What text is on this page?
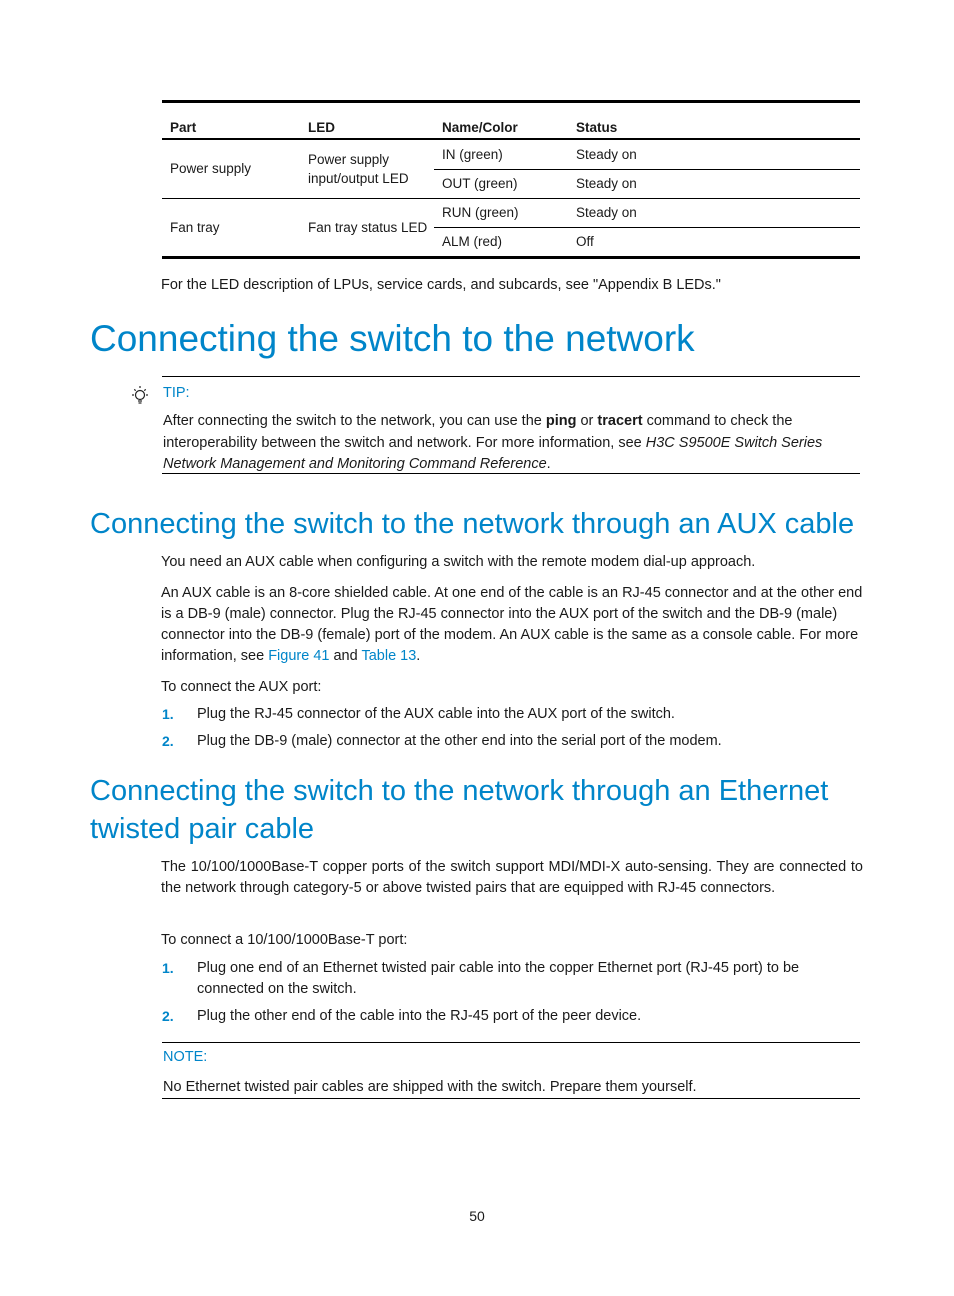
Part	LED	Name/Color	Status
Power supply	Power supply input/output LED	IN (green)	Steady on
		OUT (green)	Steady on
Fan tray	Fan tray status LED	RUN (green)	Steady on
		ALM (red)	Off
For the LED description of LPUs, service cards, and subcards, see "Appendix B LEDs."
Connecting the switch to the network
TIP:
After connecting the switch to the network, you can use the ping or tracert command to check the interoperability between the switch and network. For more information, see H3C S9500E Switch Series Network Management and Monitoring Command Reference.
Connecting the switch to the network through an AUX cable
You need an AUX cable when configuring a switch with the remote modem dial-up approach.
An AUX cable is an 8-core shielded cable. At one end of the cable is an RJ-45 connector and at the other end is a DB-9 (male) connector. Plug the RJ-45 connector into the AUX port of the switch and the DB-9 (male) connector into the DB-9 (female) port of the modem. An AUX cable is the same as a console cable. For more information, see Figure 41 and Table 13.
To connect the AUX port:
1. Plug the RJ-45 connector of the AUX cable into the AUX port of the switch.
2. Plug the DB-9 (male) connector at the other end into the serial port of the modem.
Connecting the switch to the network through an Ethernet
twisted pair cable
The 10/100/1000Base-T copper ports of the switch support MDI/MDI-X auto-sensing. They are connected to the network through category-5 or above twisted pairs that are equipped with RJ-45 connectors.
To connect a 10/100/1000Base-T port:
1. Plug one end of an Ethernet twisted pair cable into the copper Ethernet port (RJ-45 port) to be connected on the switch.
2. Plug the other end of the cable into the RJ-45 port of the peer device.
NOTE:
No Ethernet twisted pair cables are shipped with the switch. Prepare them yourself.
50
